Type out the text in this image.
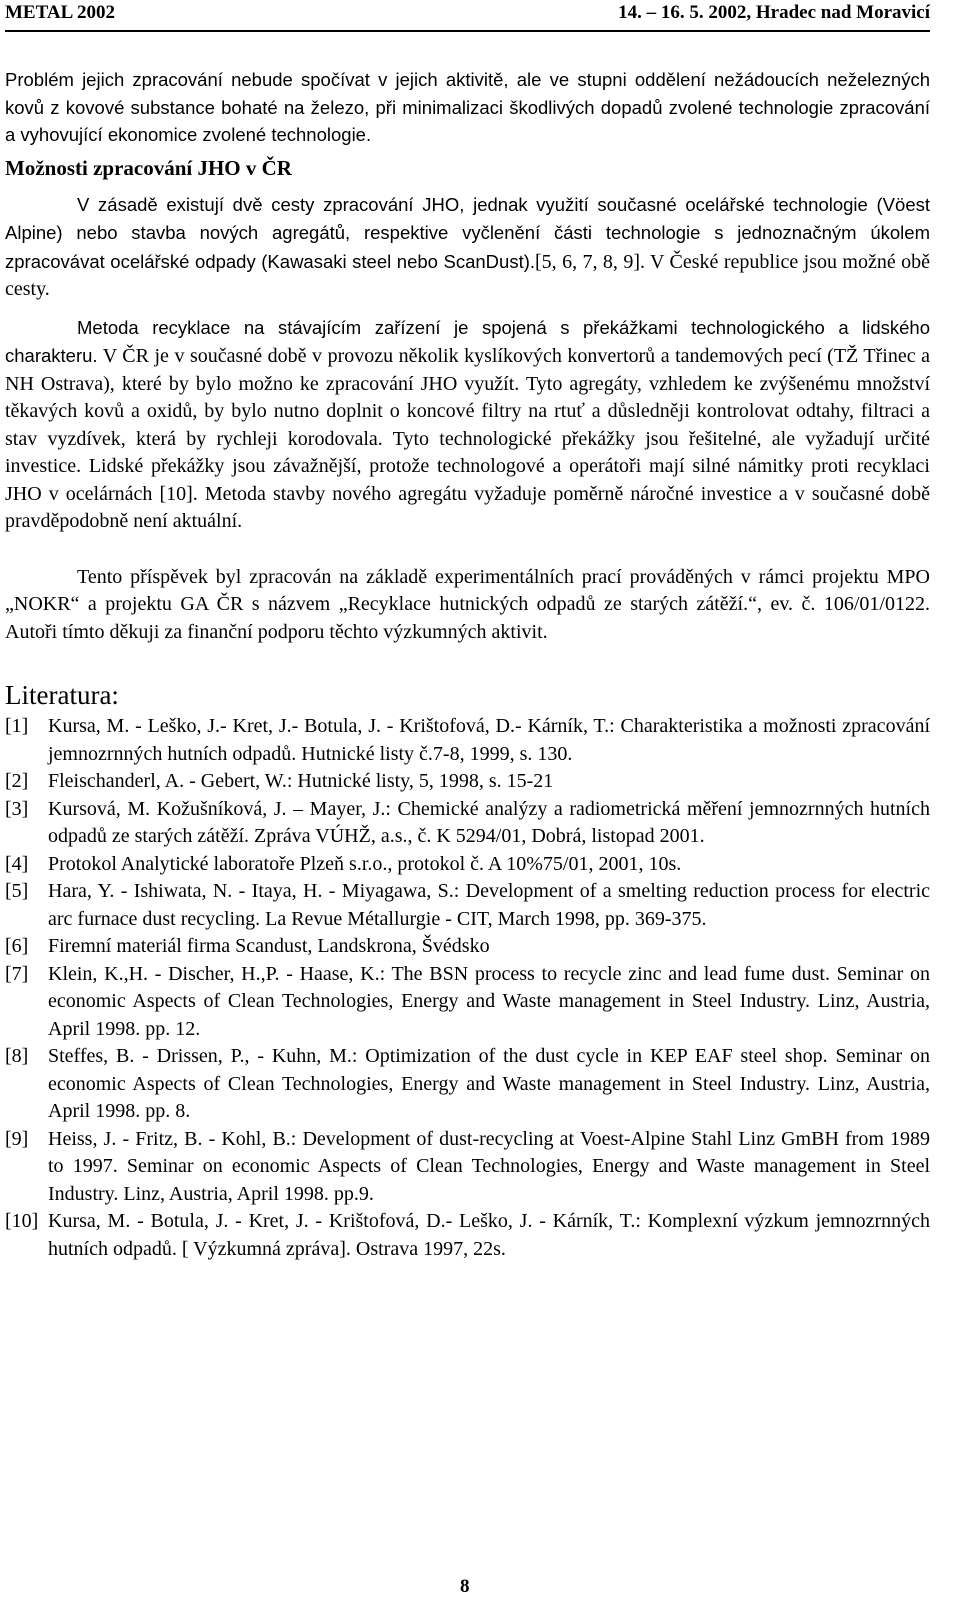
METAL 2002	14. – 16. 5. 2002, Hradec nad Moravicí

Problém jejich zpracování nebude spočívat v jejich aktivitě, ale ve stupni oddělení nežádoucích neželezných kovů z kovové substance bohaté na železo, při minimalizaci škodlivých dopadů zvolené technologie zpracování a vyhovující ekonomice zvolené technologie.

Možnosti zpracování JHO v ČR

V zásadě existují dvě cesty zpracování JHO, jednak využití současné ocelářské technologie (Vöest Alpine) nebo stavba nových agregátů, respektive vyčlenění části technologie s jednoznačným úkolem zpracovávat ocelářské odpady (Kawasaki steel nebo ScanDust).[5, 6, 7, 8, 9]. V České republice jsou možné obě cesty.

Metoda recyklace na stávajícím zařízení je spojená s překážkami technologického a lidského charakteru. V ČR je v současné době v provozu několik kyslíkových konvertorů a tandemových pecí (TŽ Třinec a NH Ostrava), které by bylo možno ke zpracování JHO využít. Tyto agregáty, vzhledem ke zvýšenému množství těkavých kovů a oxidů, by bylo nutno doplnit o koncové filtry na rtuť a důsledněji kontrolovat odtahy, filtraci a stav vyzdívek, která by rychleji korodovala. Tyto technologické překážky jsou řešitelné, ale vyžadují určité investice. Lidské překážky jsou závažnější, protože technologové a operátoři mají silné námitky proti recyklaci JHO v ocelárnách [10]. Metoda stavby nového agregátu vyžaduje poměrně náročné investice a v současné době pravděpodobně není aktuální.

Tento příspěvek byl zpracován na základě experimentálních prací prováděných v rámci projektu MPO „NOKR“ a projektu GA ČR s názvem „Recyklace hutnických odpadů ze starých zátěží.“, ev. č. 106/01/0122. Autoři tímto děkuji za finanční podporu těchto výzkumných aktivit.

Literatura:
[1] Kursa, M. - Leško, J.- Kret, J.- Botula, J. - Krištofová, D.- Kárník, T.: Charakteristika a možnosti zpracování jemnozrnných hutních odpadů. Hutnické listy č.7-8, 1999, s. 130.
[2] Fleischanderl, A. - Gebert, W.: Hutnické listy, 5, 1998, s. 15-21
[3] Kursová, M. Kožušníková, J. – Mayer, J.: Chemické analýzy a radiometrická měření jemnozrnných hutních odpadů ze starých zátěží. Zpráva VÚHŽ, a.s., č. K 5294/01, Dobrá, listopad 2001.
[4] Protokol Analytické laboratoře Plzeň s.r.o., protokol č. A 10%75/01, 2001, 10s.
[5] Hara, Y. - Ishiwata, N. - Itaya, H. - Miyagawa, S.: Development of a smelting reduction process for electric arc furnace dust recycling. La Revue Métallurgie - CIT, March 1998, pp. 369-375.
[6] Firemní materiál firma Scandust, Landskrona, Švédsko
[7] Klein, K.,H. - Discher, H.,P. - Haase, K.: The BSN process to recycle zinc and lead fume dust. Seminar on economic Aspects of Clean Technologies, Energy and Waste management in Steel Industry. Linz, Austria, April 1998. pp. 12.
[8] Steffes, B. - Drissen, P., - Kuhn, M.: Optimization of the dust cycle in KEP EAF steel shop. Seminar on economic Aspects of Clean Technologies, Energy and Waste management in Steel Industry. Linz, Austria, April 1998. pp. 8.
[9] Heiss, J. - Fritz, B. - Kohl, B.: Development of dust-recycling at Voest-Alpine Stahl Linz GmBH from 1989 to 1997. Seminar on economic Aspects of Clean Technologies, Energy and Waste management in Steel Industry. Linz, Austria, April 1998. pp.9.
[10] Kursa, M. - Botula, J. - Kret, J. - Krištofová, D.- Leško, J. - Kárník, T.: Komplexní výzkum jemnozrnných hutních odpadů. [ Výzkumná zpráva]. Ostrava 1997, 22s.
8
